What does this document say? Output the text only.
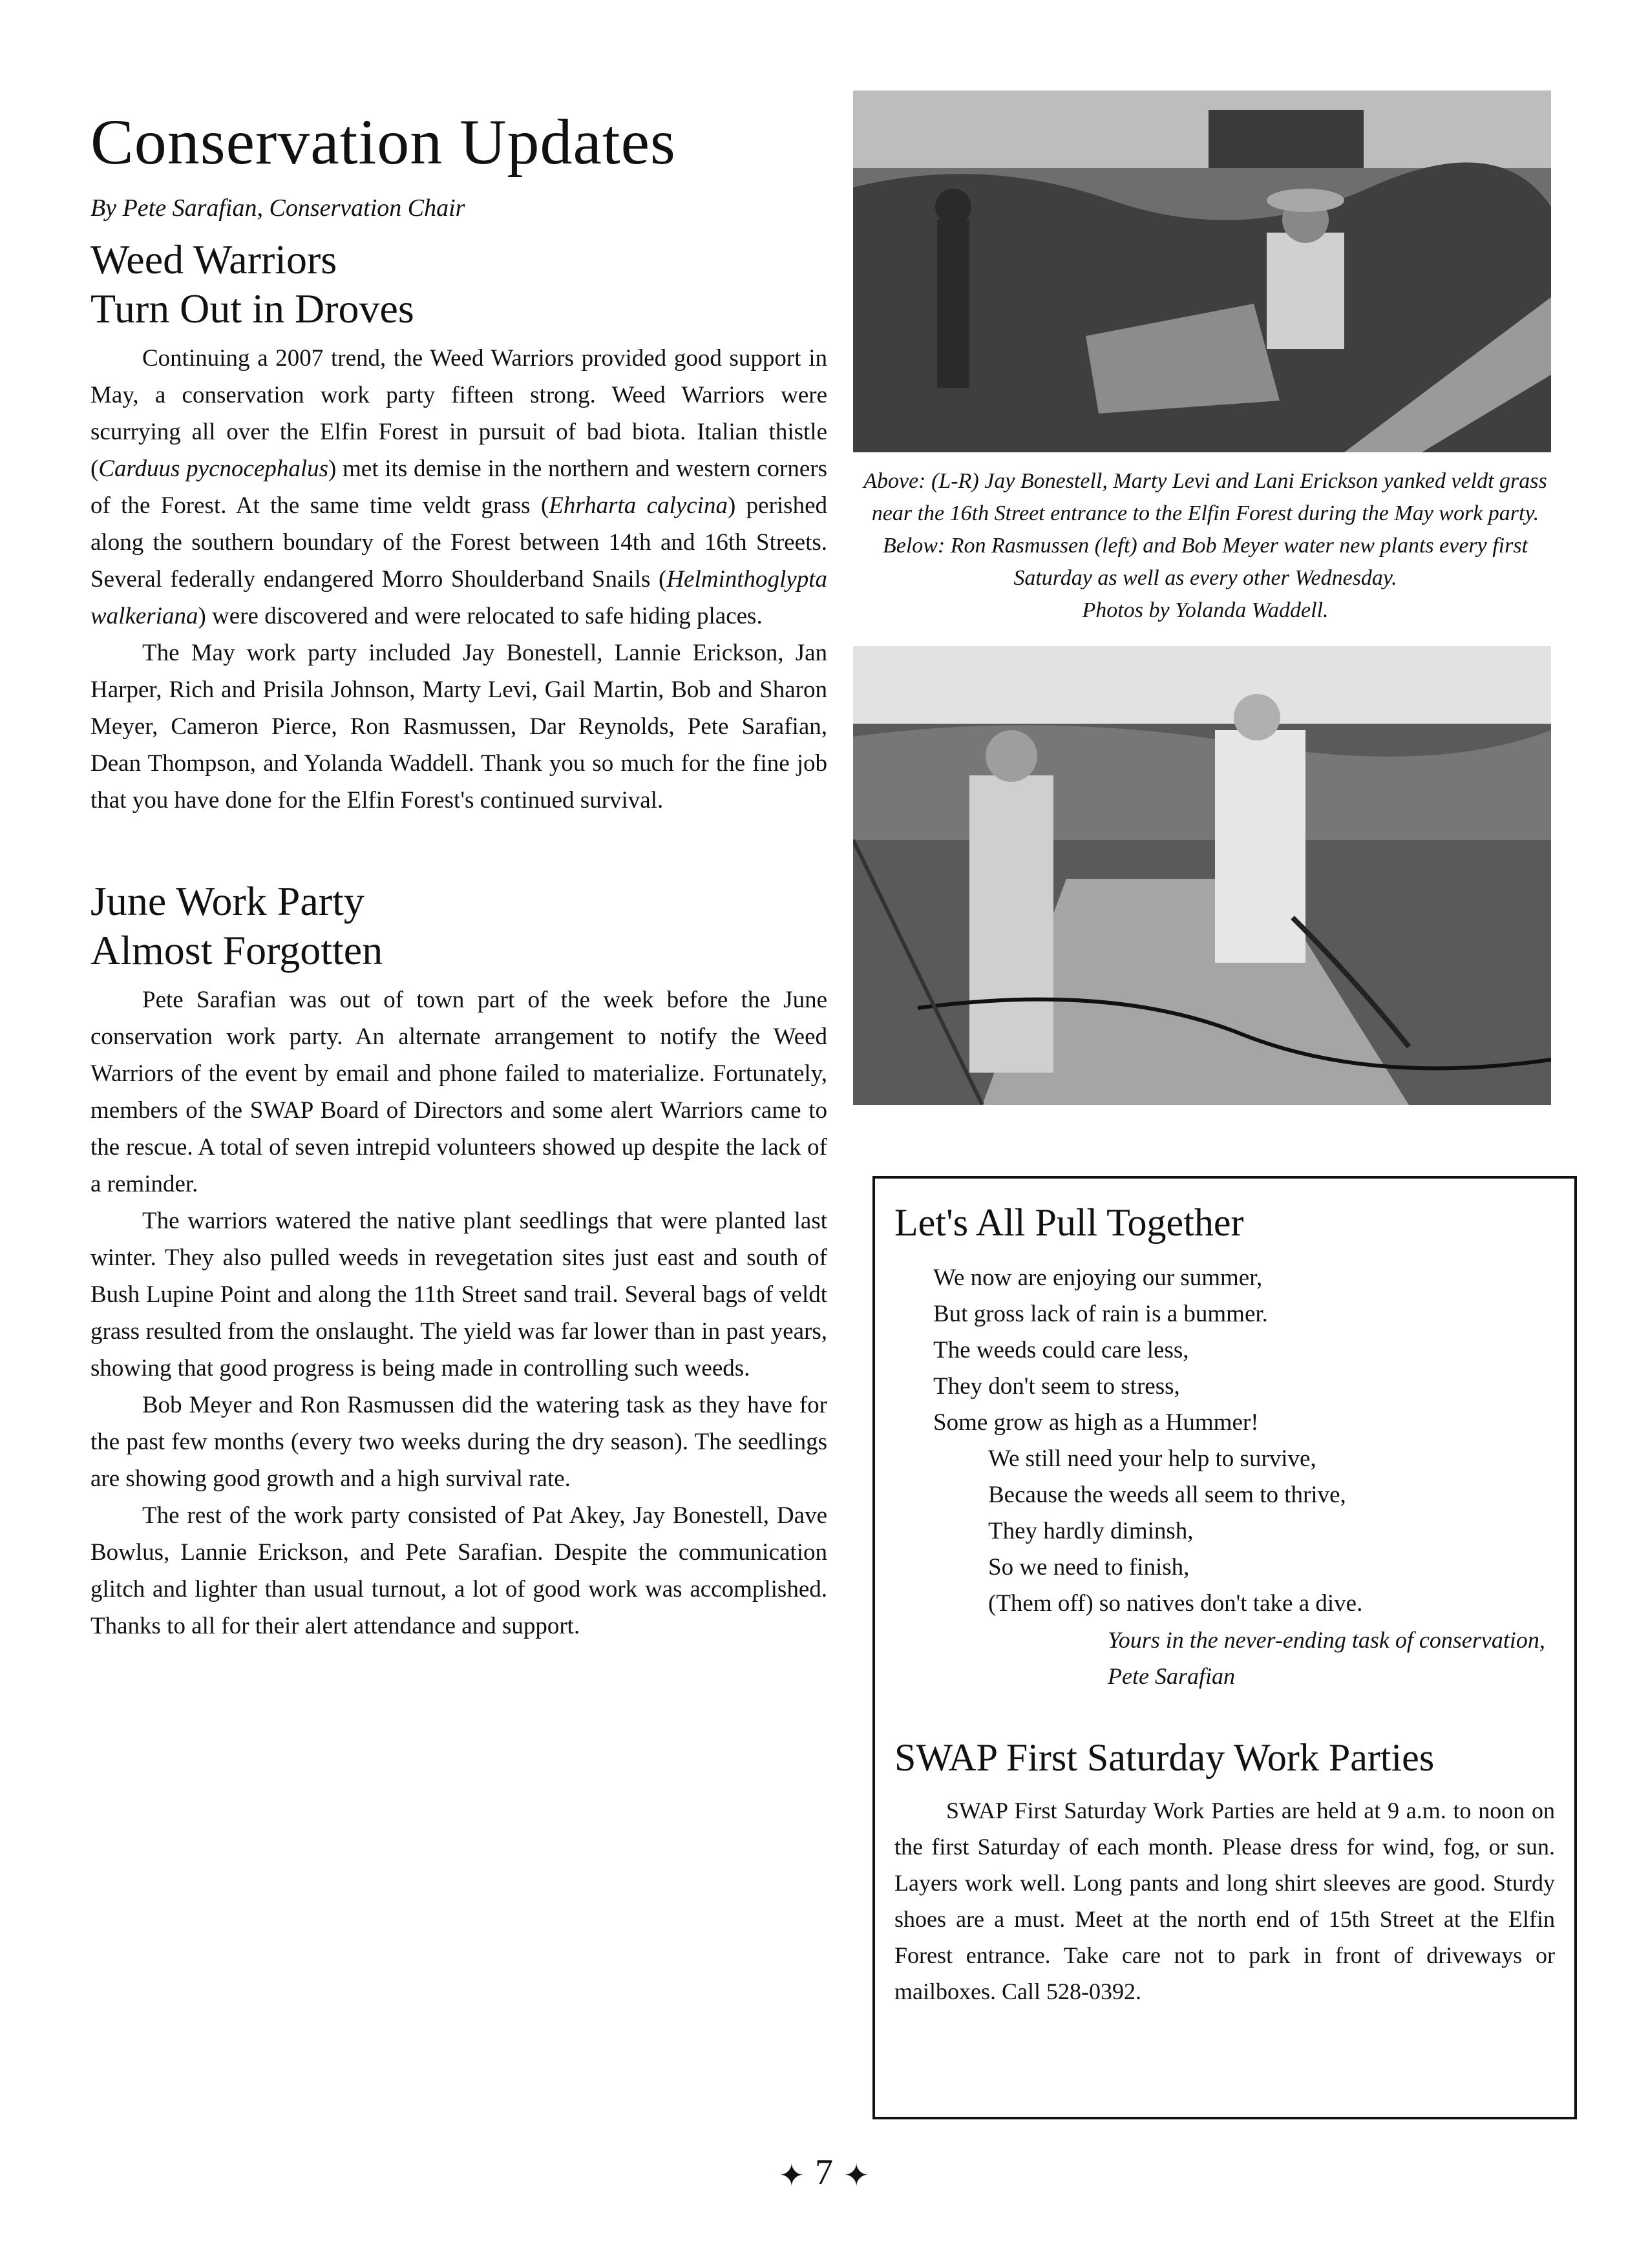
Conservation Updates

By Pete Sarafian, Conservation Chair

Weed Warriors
Turn Out in Droves

Continuing a 2007 trend, the Weed Warriors provided good support in May, a conservation work party fifteen strong. Weed Warriors were scurrying all over the Elfin Forest in pursuit of bad biota. Italian thistle (Carduus pycnocephalus) met its demise in the northern and western corners of the Forest. At the same time veldt grass (Ehrharta calycina) perished along the southern boundary of the Forest between 14th and 16th Streets. Several federally endangered Morro Shoulderband Snails (Helminthoglypta walkeriana) were discovered and were relocated to safe hiding places.

The May work party included Jay Bonestell, Lannie Erickson, Jan Harper, Rich and Prisila Johnson, Marty Levi, Gail Martin, Bob and Sharon Meyer, Cameron Pierce, Ron Rasmussen, Dar Reynolds, Pete Sarafian, Dean Thompson, and Yolanda Waddell. Thank you so much for the fine job that you have done for the Elfin Forest's continued survival.

June Work Party
Almost Forgotten

Pete Sarafian was out of town part of the week before the June conservation work party. An alternate arrangement to notify the Weed Warriors of the event by email and phone failed to materialize. Fortunately, members of the SWAP Board of Directors and some alert Warriors came to the rescue. A total of seven intrepid volunteers showed up despite the lack of a reminder.

The warriors watered the native plant seedlings that were planted last winter. They also pulled weeds in revegetation sites just east and south of Bush Lupine Point and along the 11th Street sand trail. Several bags of veldt grass resulted from the onslaught. The yield was far lower than in past years, showing that good progress is being made in controlling such weeds.

Bob Meyer and Ron Rasmussen did the watering task as they have for the past few months (every two weeks during the dry season). The seedlings are showing good growth and a high survival rate.

The rest of the work party consisted of Pat Akey, Jay Bonestell, Dave Bowlus, Lannie Erickson, and Pete Sarafian. Despite the communication glitch and lighter than usual turnout, a lot of good work was accomplished. Thanks to all for their alert attendance and support.

Above: (L-R) Jay Bonestell, Marty Levi and Lani Erickson yanked veldt grass near the 16th Street entrance to the Elfin Forest during the May work party. Below: Ron Rasmussen (left) and Bob Meyer water new plants every first Saturday as well as every other Wednesday.
Photos by Yolanda Waddell.

Let's All Pull Together

We now are enjoying our summer,
But gross lack of rain is a bummer.
The weeds could care less,
They don't seem to stress,
Some grow as high as a Hummer!
We still need your help to survive,
Because the weeds all seem to thrive,
They hardly diminsh,
So we need to finish,
(Them off) so natives don't take a dive.

Yours in the never-ending task of conservation,
Pete Sarafian

SWAP First Saturday Work Parties

SWAP First Saturday Work Parties are held at 9 a.m. to noon on the first Saturday of each month. Please dress for wind, fog, or sun. Layers work well. Long pants and long shirt sleeves are good. Sturdy shoes are a must. Meet at the north end of 15th Street at the Elfin Forest entrance. Take care not to park in front of driveways or mailboxes. Call 528-0392.

✦ 7 ✦
